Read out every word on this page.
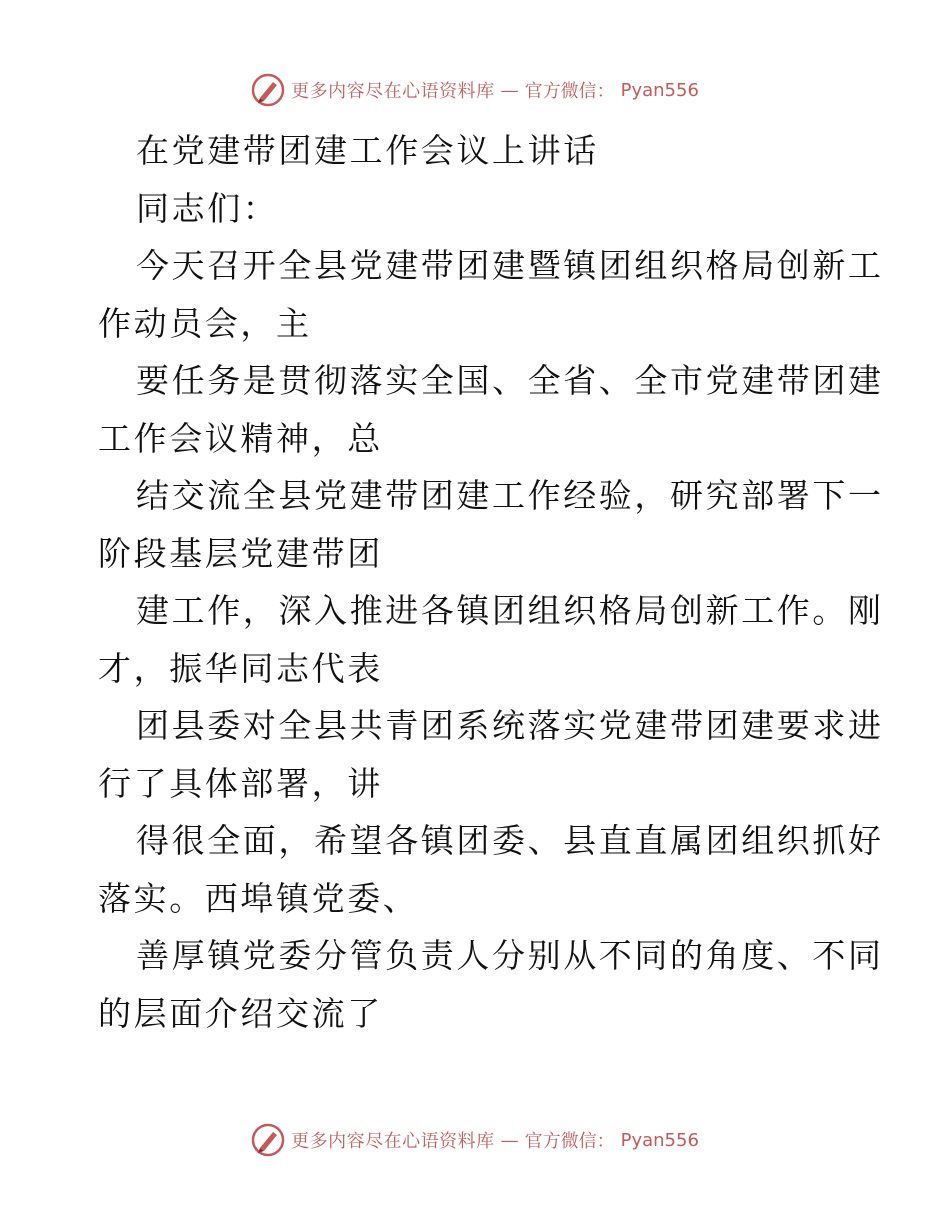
更多内容尽在心语资料库 — 官方微信： Pyan556
在党建带团建工作会议上讲话
同志们：
今天召开全县党建带团建暨镇团组织格局创新工
作动员会，主
要任务是贯彻落实全国、全省、全市党建带团建
工作会议精神，总
结交流全县党建带团建工作经验，研究部署下一
阶段基层党建带团
建工作，深入推进各镇团组织格局创新工作。刚
才，振华同志代表
团县委对全县共青团系统落实党建带团建要求进
行了具体部署，讲
得很全面，希望各镇团委、县直直属团组织抓好
落实。西埠镇党委、
善厚镇党委分管负责人分别从不同的角度、不同
的层面介绍交流了
更多内容尽在心语资料库 — 官方微信： Pyan556
